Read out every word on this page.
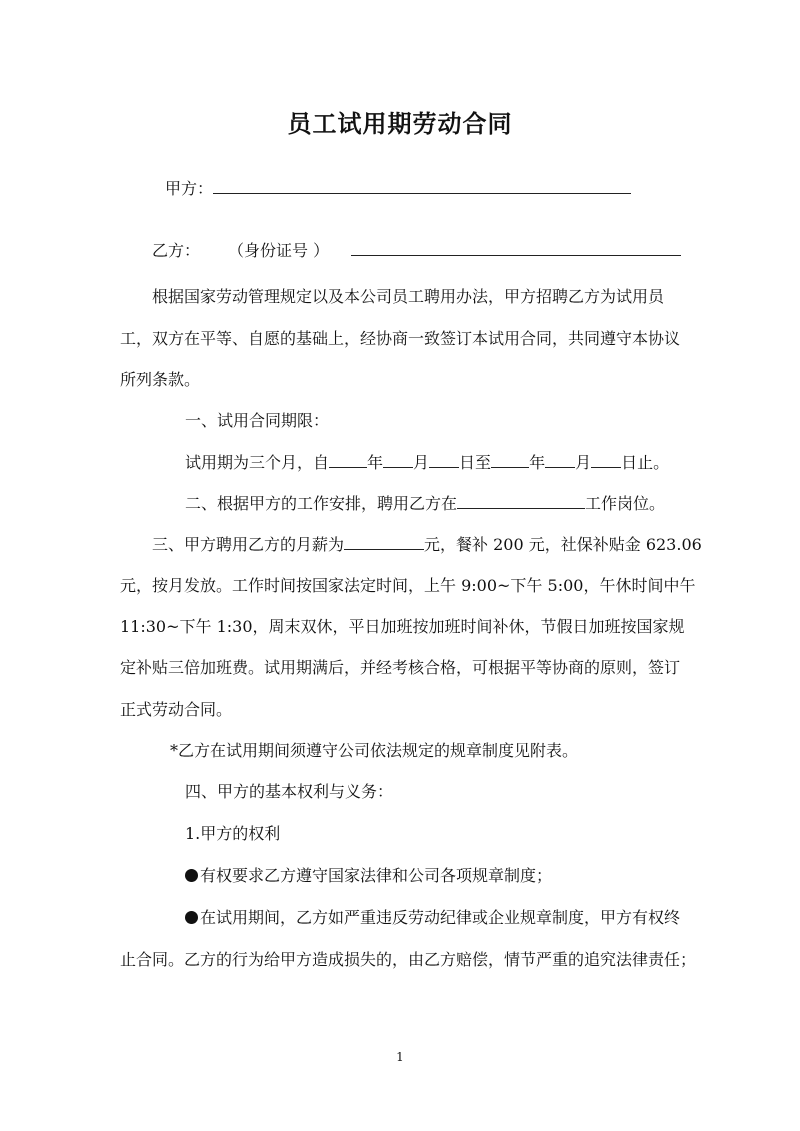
员工试用期劳动合同
甲方：
乙方： （身份证号 ）
根据国家劳动管理规定以及本公司员工聘用办法，甲方招聘乙方为试用员
工，双方在平等、自愿的基础上，经协商一致签订本试用合同，共同遵守本协议
所列条款。
一、试用合同期限：
试用期为三个月，自 年 月 日至 年 月 日止。
二、根据甲方的工作安排，聘用乙方在	工作岗位。
三、甲方聘用乙方的月薪为	元，餐补 200 元，社保补贴金 623.06
元，按月发放。工作时间按国家法定时间，上午 9:00~下午 5:00，午休时间中午
11:30~下午 1:30，周末双休，平日加班按加班时间补休，节假日加班按国家规
定补贴三倍加班费。试用期满后，并经考核合格，可根据平等协商的原则，签订
正式劳动合同。
*乙方在试用期间须遵守公司依法规定的规章制度见附表。
四、甲方的基本权利与义务：
1.甲方的权利
有权要求乙方遵守国家法律和公司各项规章制度；
在试用期间，乙方如严重违反劳动纪律或企业规章制度，甲方有权终
止合同。乙方的行为给甲方造成损失的，由乙方赔偿，情节严重的追究法律责任；
1
